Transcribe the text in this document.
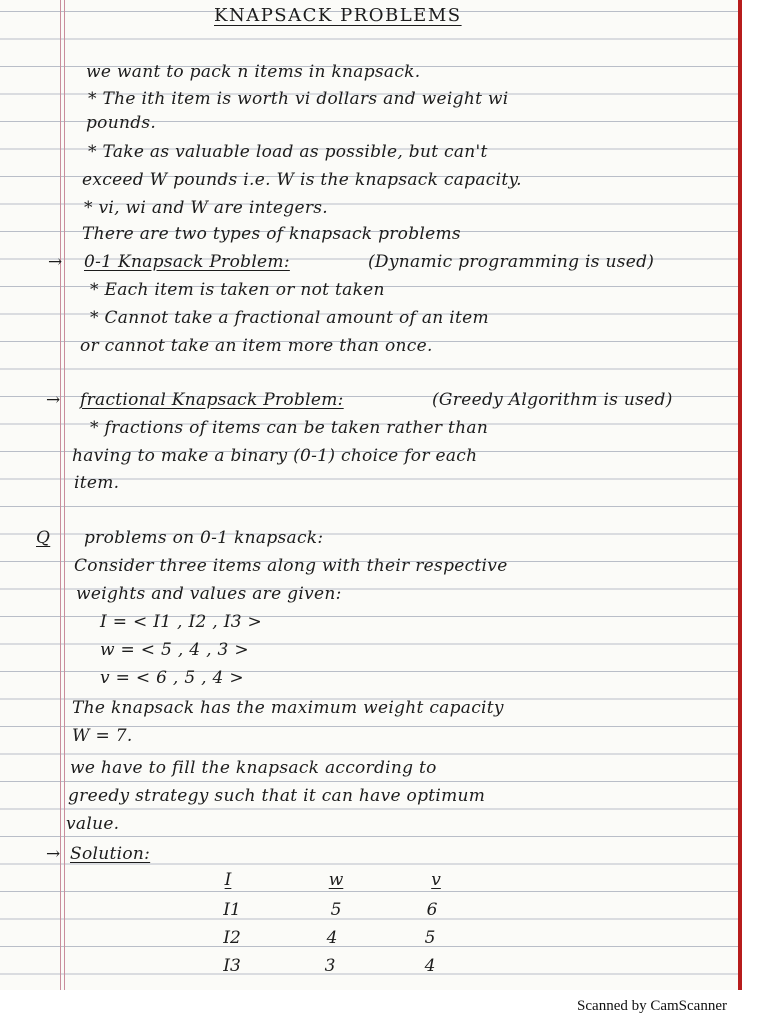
KNAPSACK PROBLEMS
we want to pack n items in knapsack.
* The ith item is worth vi dollars and weight wi
pounds.
* Take as valuable load as possible, but can't
exceed W pounds i.e. W is the knapsack capacity.
* vi, wi and W are integers.
There are two types of knapsack problems
→ 0-1 Knapsack Problem:	(Dynamic programming is used)
* Each item is taken or not taken
* Cannot take a fractional amount of an item
or cannot take an item more than once.
→ fractional Knapsack Problem:	(Greedy Algorithm is used)
* fractions of items can be taken rather than
having to make a binary (0-1) choice for each
item.
Q problems on 0-1 knapsack:
Consider three items along with their respective
weights and values are given:
I = < I1 , I2 , I3 >
w = < 5 , 4 , 3 >
v = < 6 , 5 , 4 >
The knapsack has the maximum weight capacity
W = 7.
we have to fill the knapsack according to
greedy strategy such that it can have optimum
value.
→ Solution:
I	w	v
I1	5	6
I2	4	5
I3	3	4
Scanned by CamScanner
